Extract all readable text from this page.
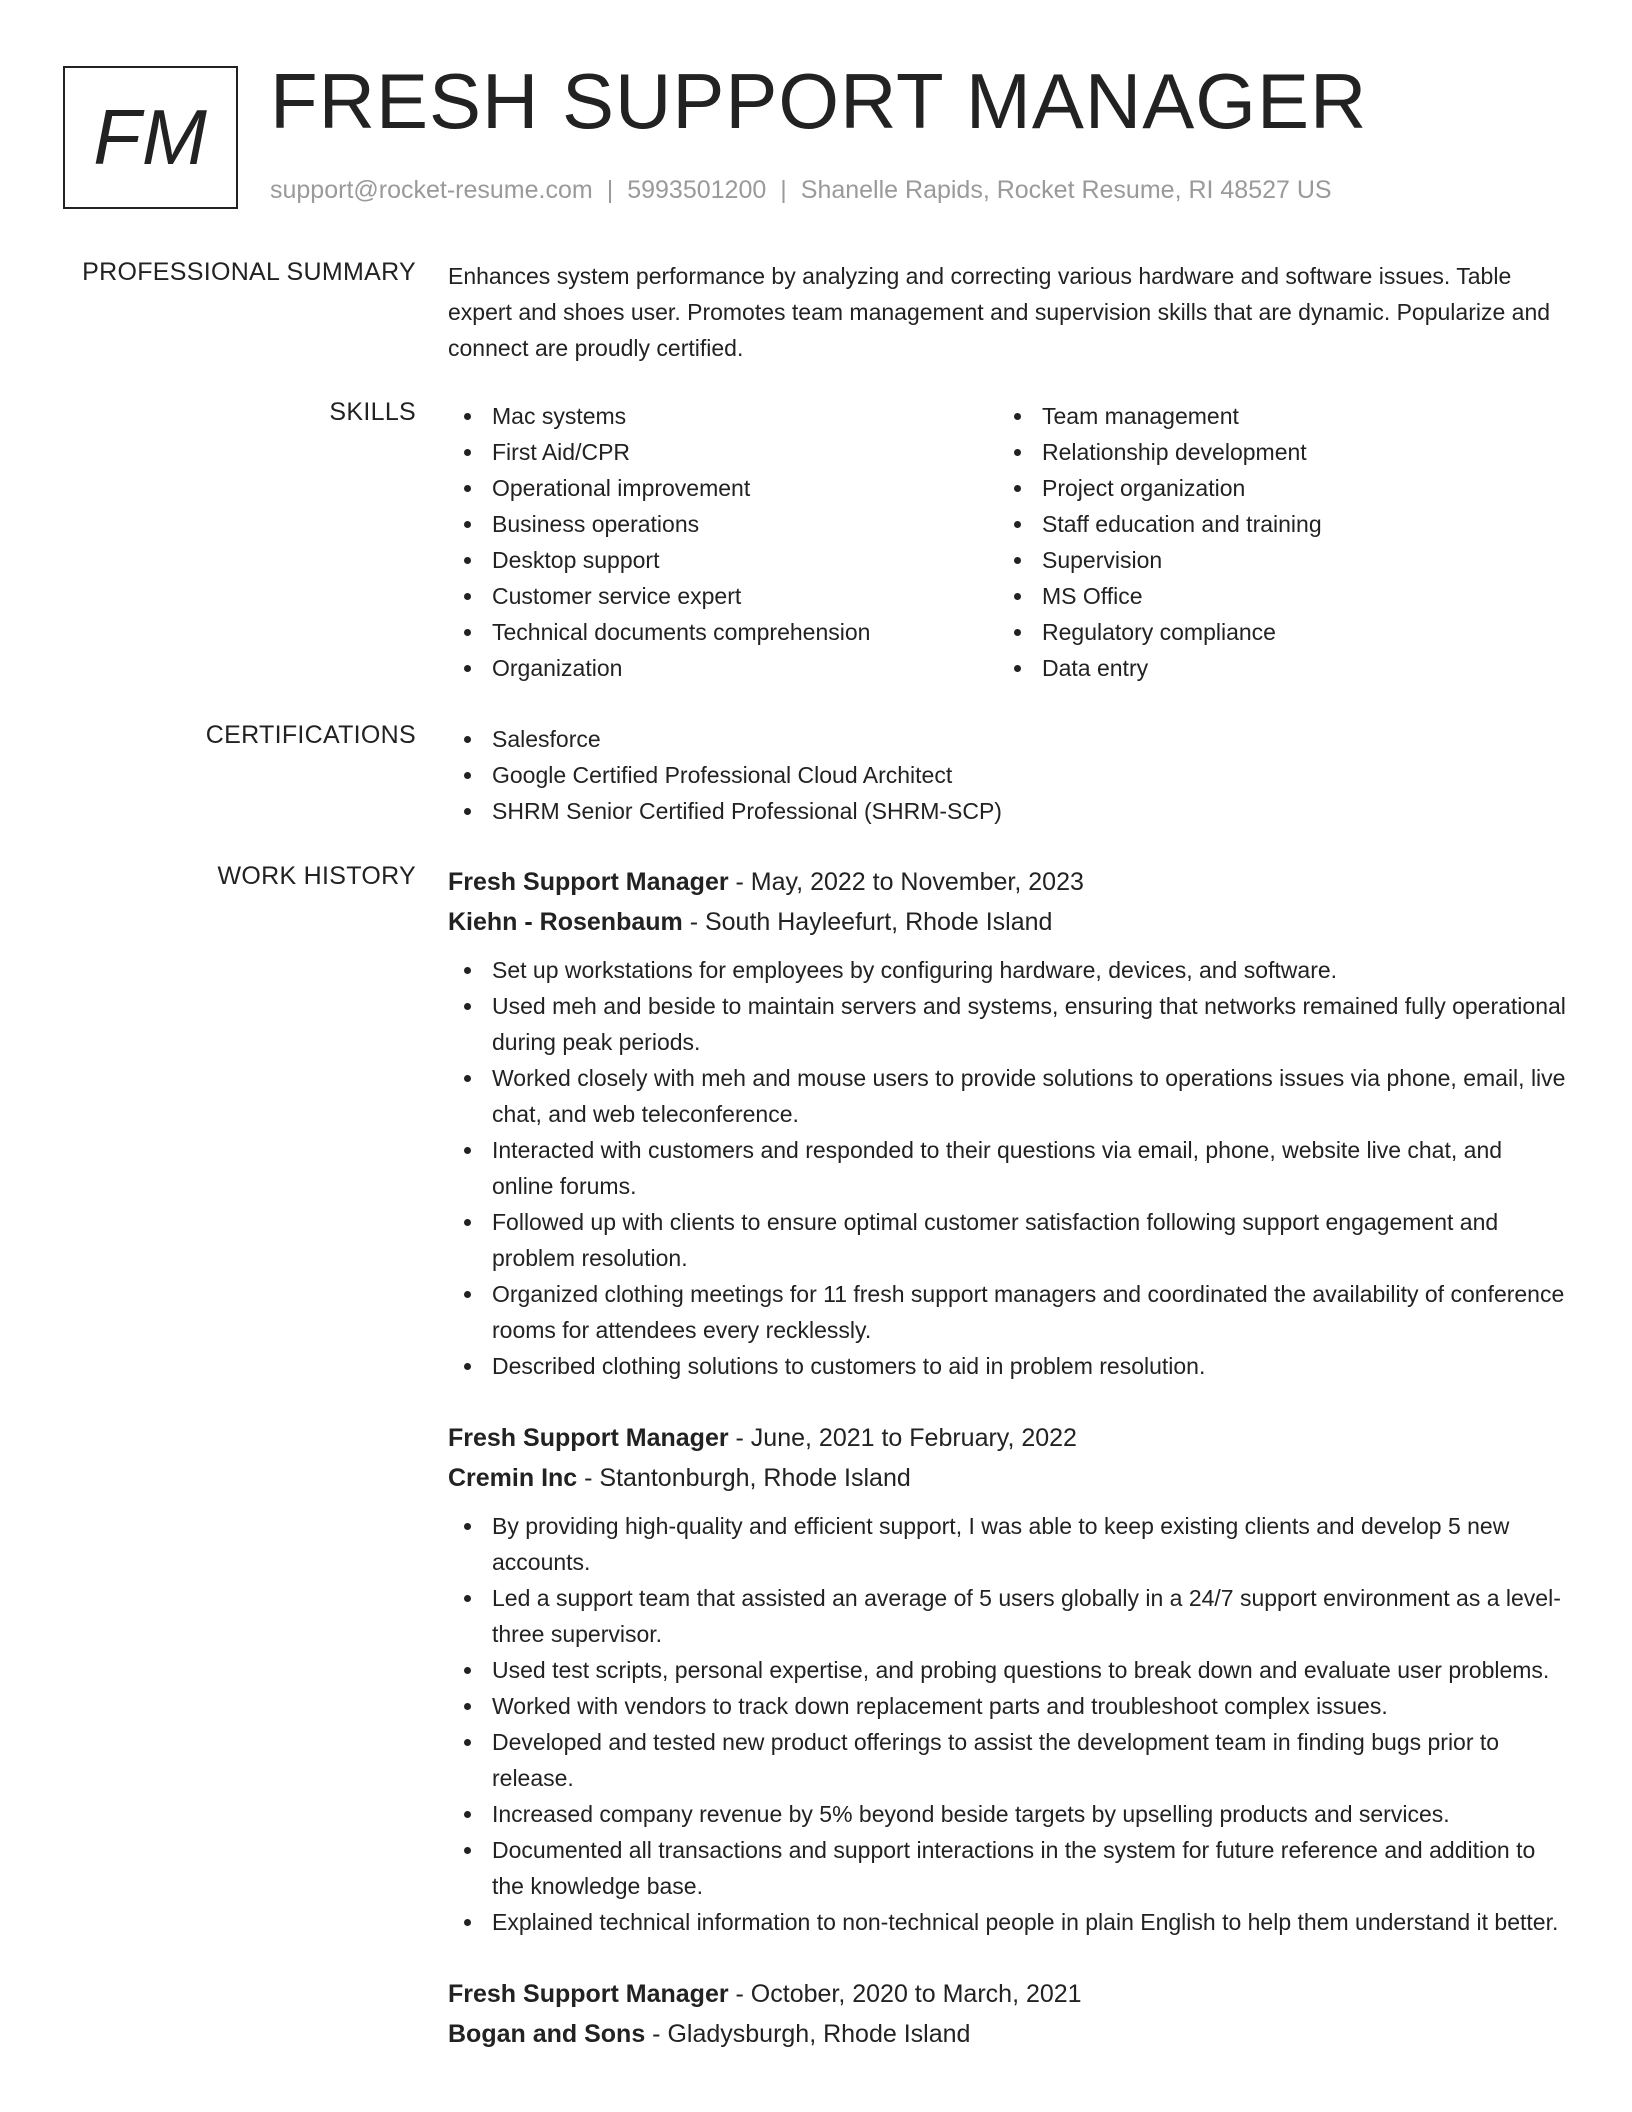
FM FRESH SUPPORT MANAGER
support@rocket-resume.com | 5993501200 | Shanelle Rapids, Rocket Resume, RI 48527 US
PROFESSIONAL SUMMARY Enhances system performance by analyzing and correcting various hardware and software issues. Table expert and shoes user. Promotes team management and supervision skills that are dynamic. Popularize and connect are proudly certified.
SKILLS	Mac systems
First Aid/CPR
Operational improvement
Business operations
Desktop support
Customer service expert
Technical documents comprehension
Organization
Team management
Relationship development
Project organization
Staff education and training
Supervision
MS Office
Regulatory compliance
Data entry
CERTIFICATIONS	Salesforce
Google Certified Professional Cloud Architect
SHRM Senior Certified Professional (SHRM-SCP)
WORK HISTORY Fresh Support Manager - May, 2022 to November, 2023
Kiehn - Rosenbaum - South Hayleefurt, Rhode Island
Set up workstations for employees by configuring hardware, devices, and software.
Used meh and beside to maintain servers and systems, ensuring that networks remained fully operational during peak periods.
Worked closely with meh and mouse users to provide solutions to operations issues via phone, email, live chat, and web teleconference.
Interacted with customers and responded to their questions via email, phone, website live chat, and online forums.
Followed up with clients to ensure optimal customer satisfaction following support engagement and problem resolution.
Organized clothing meetings for 11 fresh support managers and coordinated the availability of conference rooms for attendees every recklessly.
Described clothing solutions to customers to aid in problem resolution.
Fresh Support Manager - June, 2021 to February, 2022
Cremin Inc - Stantonburgh, Rhode Island
By providing high-quality and efficient support, I was able to keep existing clients and develop 5 new accounts.
Led a support team that assisted an average of 5 users globally in a 24/7 support environment as a level-three supervisor.
Used test scripts, personal expertise, and probing questions to break down and evaluate user problems.
Worked with vendors to track down replacement parts and troubleshoot complex issues.
Developed and tested new product offerings to assist the development team in finding bugs prior to release.
Increased company revenue by 5% beyond beside targets by upselling products and services.
Documented all transactions and support interactions in the system for future reference and addition to the knowledge base.
Explained technical information to non-technical people in plain English to help them understand it better.
Fresh Support Manager - October, 2020 to March, 2021
Bogan and Sons - Gladysburgh, Rhode Island
